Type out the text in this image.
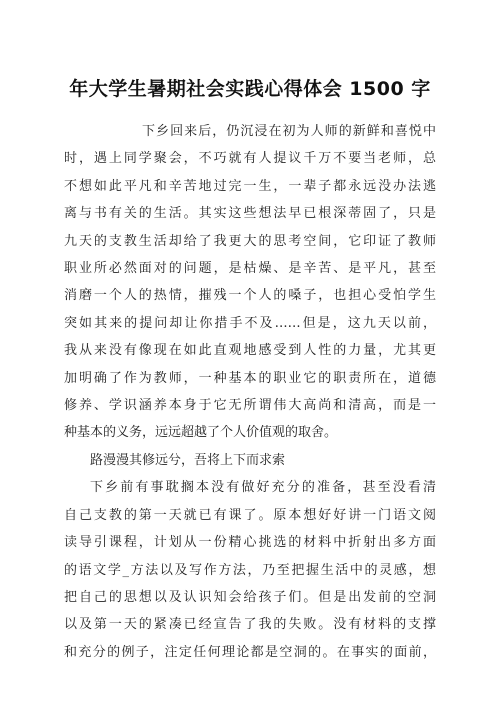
年大学生暑期社会实践心得体会 1500 字

下乡回来后，仍沉浸在初为人师的新鲜和喜悦中

时，遇上同学聚会，不巧就有人提议千万不要当老师，总

不想如此平凡和辛苦地过完一生，一辈子都永远没办法逃

离与书有关的生活。其实这些想法早已根深蒂固了，只是

九天的支教生活却给了我更大的思考空间，它印证了教师

职业所必然面对的问题，是枯燥、是辛苦、是平凡，甚至

消磨一个人的热情，摧残一个人的嗓子，也担心受怕学生

突如其来的提问却让你措手不及……但是，这九天以前，

我从来没有像现在如此直观地感受到人性的力量，尤其更

加明确了作为教师，一种基本的职业它的职责所在，道德

修养、学识涵养本身于它无所谓伟大高尚和清高，而是一

种基本的义务，远远超越了个人价值观的取舍。

路漫漫其修远兮，吾将上下而求索

下乡前有事耽搁本没有做好充分的准备，甚至没看清

自己支教的第一天就已有课了。原本想好好讲一门语文阅

读导引课程，计划从一份精心挑选的材料中折射出多方面

的语文学_方法以及写作方法，乃至把握生活中的灵感，想

把自己的思想以及认识知会给孩子们。但是出发前的空洞

以及第一天的紧凑已经宣告了我的失败。没有材料的支撑

和充分的例子，注定任何理论都是空洞的。在事实的面前，
